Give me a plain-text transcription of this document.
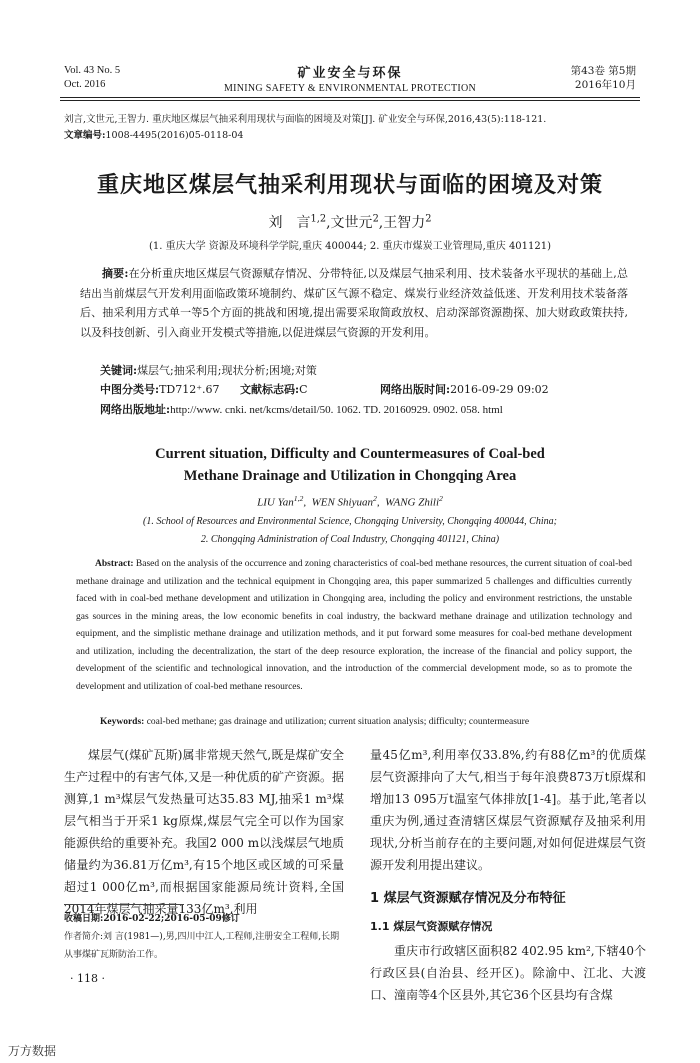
Vol. 43 No. 5
Oct. 2016
矿业安全与环保
MINING SAFETY & ENVIRONMENTAL PROTECTION
第43卷 第5期
2016年10月
刘言,文世元,王智力. 重庆地区煤层气抽采利用现状与面临的困境及对策[J]. 矿业安全与环保,2016,43(5):118-121.
文章编号:1008-4495(2016)05-0118-04
重庆地区煤层气抽采利用现状与面临的困境及对策
刘　言$^{1,2}$,文世元$^2$,王智力$^2$
(1. 重庆大学 资源及环境科学学院,重庆 400044; 2. 重庆市煤炭工业管理局,重庆 401121)
摘要:在分析重庆地区煤层气资源赋存情况、分带特征,以及煤层气抽采利用、技术装备水平现状的基础上,总结出当前煤层气开发利用面临政策环境制约、煤矿区气源不稳定、煤炭行业经济效益低迷、开发利用技术装备落后、抽采利用方式单一等5个方面的挑战和困境,提出需要采取简政放权、启动深部资源勘探、加大财政政策扶持,以及科技创新、引入商业开发模式等措施,以促进煤层气资源的开发利用。
关键词:煤层气;抽采利用;现状分析;困境;对策
中图分类号:TD712⁺.67 文献标志码:C	网络出版时间:2016-09-29 09:02
网络出版地址:http://www. cnki. net/kcms/detail/50. 1062. TD. 20160929. 0902. 058. html
Current situation, Difficulty and Countermeasures of Coal-bed
Methane Drainage and Utilization in Chongqing Area
LIU Yan$^{1,2}$,  WEN Shiyuan$^2$,  WANG Zhili$^2$
(1. School of Resources and Environmental Science, Chongqing University, Chongqing 400044, China;
2. Chongqing Administration of Coal Industry, Chongqing 401121, China)
Abstract: Based on the analysis of the occurrence and zoning characteristics of coal-bed methane resources, the current situation of coal-bed methane drainage and utilization and the technical equipment in Chongqing area, this paper summarized 5 challenges and difficulties currently faced with in coal-bed methane development and utilization in Chongqing area, including the policy and environment restrictions, the unstable gas sources in the mining areas, the low economic benefits in coal industry, the backward methane drainage and utilization technology and equipment, and the simplistic methane drainage and utilization methods, and it put forward some measures for coal-bed methane development and utilization, including the decentralization, the start of the deep resource exploration, the increase of the financial and policy support, the development of the scientific and technological innovation, and the introduction of the commercial development mode, so as to promote the development and utilization of coal-bed methane resources.
Keywords: coal-bed methane; gas drainage and utilization; current situation analysis; difficulty; countermeasure
煤层气(煤矿瓦斯)属非常规天然气,既是煤矿安全生产过程中的有害气体,又是一种优质的矿产资源。据测算,1 m³煤层气发热量可达35.83 MJ,抽采1 m³煤层气相当于开采1 kg原煤,煤层气完全可以作为国家能源供给的重要补充。我国2 000 m以浅煤层气地质储量约为36.81万亿m³,有15个地区或区域的可采量超过1 000亿m³,而根据国家能源局统计资料,全国2014年煤层气抽采量133亿m³,利用
量45亿m³,利用率仅33.8%,约有88亿m³的优质煤层气资源排向了大气,相当于每年浪费873万t原煤和增加13 095万t温室气体排放[1-4]。基于此,笔者以重庆为例,通过查清辖区煤层气资源赋存及抽采利用现状,分析当前存在的主要问题,对如何促进煤层气资源开发利用提出建议。
1 煤层气资源赋存情况及分布特征
1.1 煤层气资源赋存情况
重庆市行政辖区面积82 402.95 km²,下辖40个行政区县(自治县、经开区)。除渝中、江北、大渡口、潼南等4个区县外,其它36个区县均有含煤
收稿日期:2016-02-22;2016-05-09修订
作者简介:刘 言(1981—),男,四川中江人,工程师,注册安全工程师,长期从事煤矿瓦斯防治工作。
· 118 ·
万方数据
